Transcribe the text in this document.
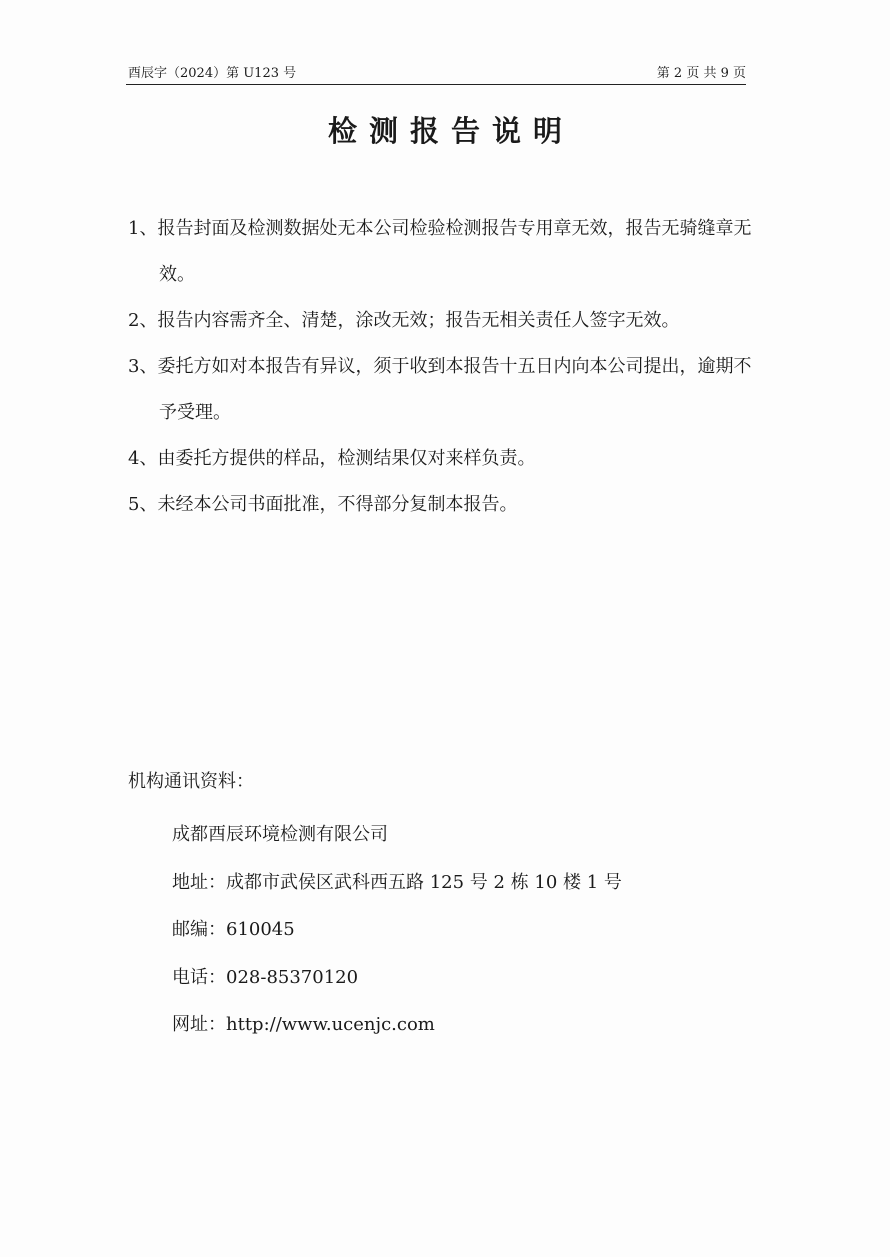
酉辰字（2024）第 U123 号	第 2 页 共 9 页
检测报告说明

1、报告封面及检测数据处无本公司检验检测报告专用章无效，报告无骑缝章无效。

2、报告内容需齐全、清楚，涂改无效；报告无相关责任人签字无效。

3、委托方如对本报告有异议，须于收到本报告十五日内向本公司提出，逾期不予受理。

4、由委托方提供的样品，检测结果仅对来样负责。

5、未经本公司书面批准，不得部分复制本报告。

机构通讯资料：
成都酉辰环境检测有限公司
地址：成都市武侯区武科西五路 125 号 2 栋 10 楼 1 号
邮编：610045
电话：028-85370120
网址：http://www.ucenjc.com
